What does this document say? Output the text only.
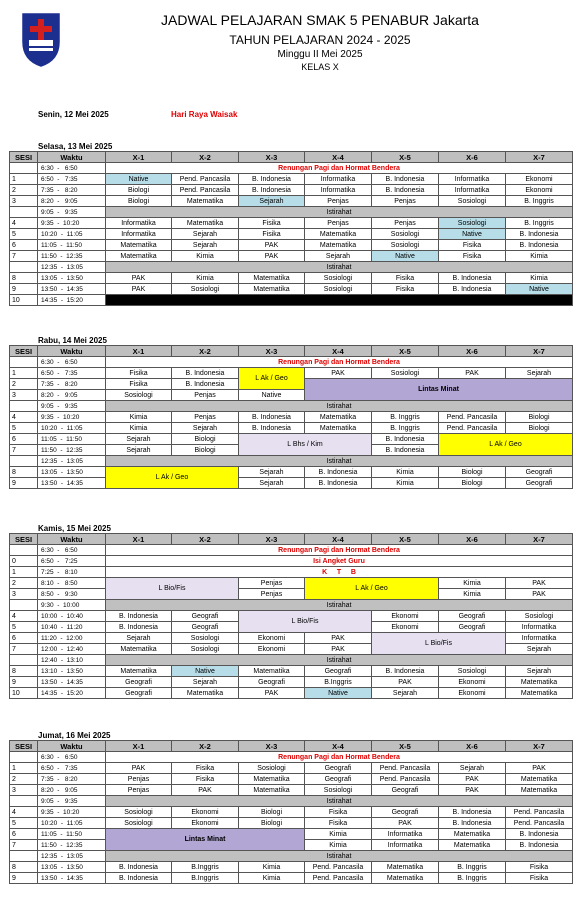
JADWAL PELAJARAN SMAK 5 PENABUR Jakarta
TAHUN PELAJARAN 2024 - 2025
Minggu II Mei 2025
KELAS X
Senin, 12 Mei 2025	Hari Raya Waisak
Selasa, 13 Mei 2025
SESI	Waktu	X-1	X-2	X-3	X-4	X-5	X-6	X-7
	6:30  -   6:50	Renungan Pagi dan Hormat Bendera						
1	6:50  -   7:35	Native	Pend. Pancasila	B. Indonesia	Informatika	B. Indonesia	Informatika	Ekonomi
2	7:35  -   8:20	Biologi	Pend. Pancasila	B. Indonesia	Informatika	B. Indonesia	Informatika	Ekonomi
3	8:20  -   9:05	Biologi	Matematika	Sejarah	Penjas	Penjas	Sosiologi	B. Inggris
	9:05  -   9:35	Istirahat						
4	9:35  -  10:20	Informatika	Matematika	Fisika	Penjas	Penjas	Sosiologi	B. Inggris
5	10:20  -  11:05	Informatika	Sejarah	Fisika	Matematika	Sosiologi	Native	B. Indonesia
6	11:05  -  11:50	Matematika	Sejarah	PAK	Matematika	Sosiologi	Fisika	B. Indonesia
7	11:50  -  12:35	Matematika	Kimia	PAK	Sejarah	Native	Fisika	Kimia
	12:35  -  13:05	Istirahat						
8	13:05  -  13:50	PAK	Kimia	Matematika	Sosiologi	Fisika	B. Indonesia	Kimia
9	13:50  -  14:35	PAK	Sosiologi	Matematika	Sosiologi	Fisika	B. Indonesia	Native
10	14:35  -  15:20							
Rabu, 14 Mei 2025
SESI	Waktu	X-1	X-2	X-3	X-4	X-5	X-6	X-7
	6:30  -   6:50	Renungan Pagi dan Hormat Bendera						
1	6:50  -   7:35	Fisika	B. Indonesia	L Ak / Geo	PAK	Sosiologi	PAK	Sejarah
2	7:35  -   8:20	Fisika	B. Indonesia		Lintas Minat			
3	8:20  -   9:05	Sosiologi	Penjas	Native				
	9:05  -   9:35	Istirahat						
4	9:35  -  10:20	Kimia	Penjas	B. Indonesia	Matematika	B. Inggris	Pend. Pancasila	Biologi
5	10:20  -  11:05	Kimia	Sejarah	B. Indonesia	Matematika	B. Inggris	Pend. Pancasila	Biologi
6	11:05  -  11:50	Sejarah	Biologi	L Bhs / Kim		B. Indonesia	L Ak / Geo	
7	11:50  -  12:35	Sejarah	Biologi			B. Indonesia		
	12:35  -  13:05	Istirahat						
8	13:05  -  13:50	L Ak / Geo		Sejarah	B. Indonesia	Kimia	Biologi	Geografi
9	13:50  -  14:35			Sejarah	B. Indonesia	Kimia	Biologi	Geografi
Kamis, 15 Mei 2025
SESI	Waktu	X-1	X-2	X-3	X-4	X-5	X-6	X-7
	6:30  -   6:50	Renungan Pagi dan Hormat Bendera						
0	6:50  -   7:25	Isi Angket Guru						
1	7:25  -   8:10	K     T     B						
2	8:10  -   8:50	L Bio/Fis		Penjas	L Ak / Geo		Kimia	PAK
3	8:50  -   9:30			Penjas			Kimia	PAK
	9:30  -  10:00	Istirahat						
4	10:00  -  10:40	B. Indonesia	Geografi	L Bio/Fis		Ekonomi	Geografi	Sosiologi
5	10:40  -  11:20	B. Indonesia	Geografi			Ekonomi	Geografi	Informatika
6	11:20  -  12:00	Sejarah	Sosiologi	Ekonomi	PAK	L Bio/Fis		Informatika
7	12:00  -  12:40	Matematika	Sosiologi	Ekonomi	PAK			Sejarah
	12:40  -  13:10	Istirahat						
8	13:10  -  13:50	Matematika	Native	Matematika	Geografi	B. Indonesia	Sosiologi	Sejarah
9	13:50  -  14:35	Geografi	Sejarah	Geografi	B.Inggris	PAK	Ekonomi	Matematika
10	14:35  -  15:20	Geografi	Matematika	PAK	Native	Sejarah	Ekonomi	Matematika
Jumat, 16 Mei 2025
SESI	Waktu	X-1	X-2	X-3	X-4	X-5	X-6	X-7
	6:30  -   6:50	Renungan Pagi dan Hormat Bendera						
1	6:50  -   7:35	PAK	Fisika	Sosiologi	Geografi	Pend. Pancasila	Sejarah	PAK
2	7:35  -   8:20	Penjas	Fisika	Matematika	Geografi	Pend. Pancasila	PAK	Matematika
3	8:20  -   9:05	Penjas	PAK	Matematika	Sosiologi	Geografi	PAK	Matematika
	9:05  -   9:35	Istirahat						
4	9:35  -  10:20	Sosiologi	Ekonomi	Biologi	Fisika	Geografi	B. Indonesia	Pend. Pancasila
5	10:20  -  11:05	Sosiologi	Ekonomi	Biologi	Fisika	PAK	B. Indonesia	Pend. Pancasila
6	11:05  -  11:50	Lintas Minat			Kimia	Informatika	Matematika	B. Indonesia
7	11:50  -  12:35				Kimia	Informatika	Matematika	B. Indonesia
	12:35  -  13:05	Istirahat						
8	13:05  -  13:50	B. Indonesia	B.Inggris	Kimia	Pend. Pancasila	Matematika	B. Inggris	Fisika
9	13:50  -  14:35	B. Indonesia	B.Inggris	Kimia	Pend. Pancasila	Matematika	B. Inggris	Fisika
